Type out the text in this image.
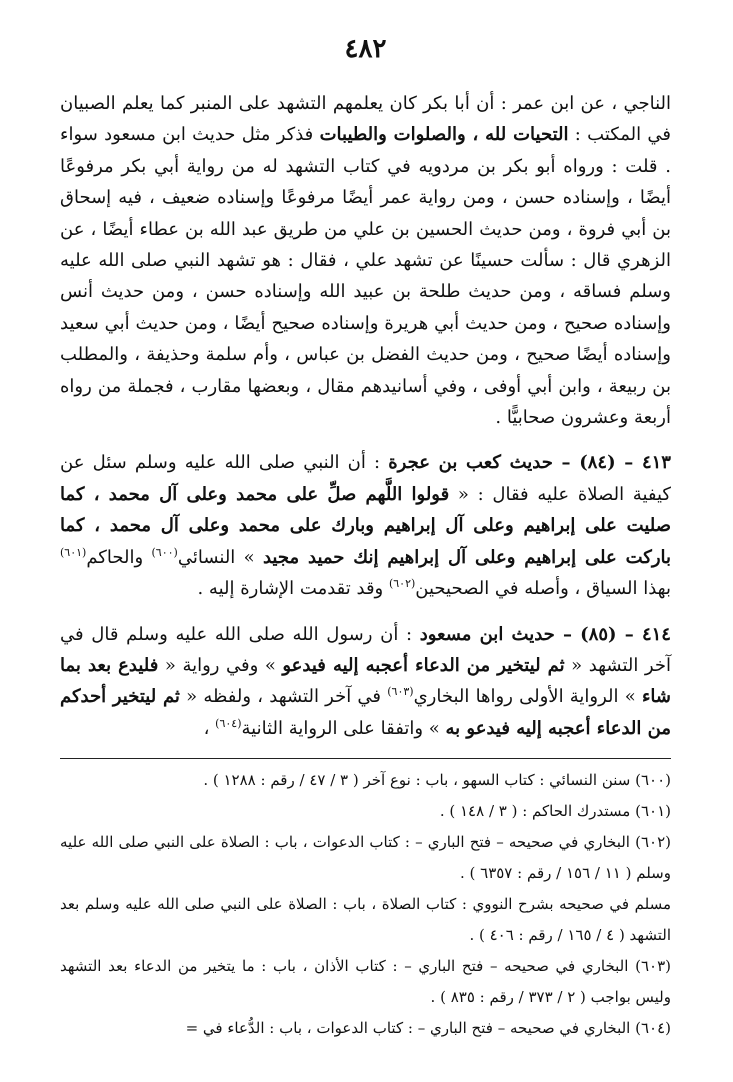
٤٨٢

الناجي ، عن ابن عمر : أن أبا بكر كان يعلمهم التشهد على المنبر كما يعلم الصبيان في المكتب : التحيات لله ، والصلوات والطيبات فذكر مثل حديث ابن مسعود سواء . قلت : ورواه أبو بكر بن مردويه في كتاب التشهد له من رواية أبي بكر مرفوعًا أيضًا ، وإسناده حسن ، ومن رواية عمر أيضًا مرفوعًا وإسناده ضعيف ، فيه إسحاق بن أبي فروة ، ومن حديث الحسين بن علي من طريق عبد الله بن عطاء أيضًا ، عن الزهري قال : سألت حسينًا عن تشهد علي ، فقال : هو تشهد النبي صلى الله عليه وسلم فساقه ، ومن حديث طلحة بن عبيد الله وإسناده حسن ، ومن حديث أنس وإسناده صحيح ، ومن حديث أبي هريرة وإسناده صحيح أيضًا ، ومن حديث أبي سعيد وإسناده أيضًا صحيح ، ومن حديث الفضل بن عباس ، وأم سلمة وحذيفة ، والمطلب بن ربيعة ، وابن أبي أوفى ، وفي أسانيدهم مقال ، وبعضها مقارب ، فجملة من رواه أربعة وعشرون صحابيًّا .

٤١٣ – (٨٤) – حديث كعب بن عجرة : أن النبي صلى الله عليه وسلم سئل عن كيفية الصلاة عليه فقال : « قولوا اللَّهم صلِّ على محمد وعلى آل محمد ، كما صليت على إبراهيم وعلى آل إبراهيم وبارك على محمد وعلى آل محمد ، كما باركت على إبراهيم وعلى آل إبراهيم إنك حميد مجيد » النسائي$^{(٦٠٠)}$ والحاكم$^{(٦٠١)}$ بهذا السياق ، وأصله في الصحيحين$^{(٦٠٢)}$ وقد تقدمت الإشارة إليه .

٤١٤ – (٨٥) – حديث ابن مسعود : أن رسول الله صلى الله عليه وسلم قال في آخر التشهد « ثم ليتخير من الدعاء أعجبه إليه فيدعو » وفي رواية « فليدع بعد بما شاء » الرواية الأولى رواها البخاري$^{(٦٠٣)}$ في آخر التشهد ، ولفظه « ثم ليتخير أحدكم من الدعاء أعجبه إليه فيدعو به » واتفقا على الرواية الثانية$^{(٦٠٤)}$ ،

(٦٠٠) سنن النسائي : كتاب السهو ، باب : نوع آخر ( ٣ / ٤٧ / رقم : ١٢٨٨ ) .

(٦٠١) مستدرك الحاكم : ( ٣ / ١٤٨ ) .

(٦٠٢) البخاري في صحيحه – فتح الباري – : كتاب الدعوات ، باب : الصلاة على النبي صلى الله عليه وسلم ( ١١ / ١٥٦ / رقم : ٦٣٥٧ ) .

مسلم في صحيحه بشرح النووي : كتاب الصلاة ، باب : الصلاة على النبي صلى الله عليه وسلم بعد التشهد ( ٤ / ١٦٥ / رقم : ٤٠٦ ) .

(٦٠٣) البخاري في صحيحه – فتح الباري – : كتاب الأذان ، باب : ما يتخير من الدعاء بعد التشهد وليس بواجب ( ٢ / ٣٧٣ / رقم : ٨٣٥ ) .

(٦٠٤) البخاري في صحيحه – فتح الباري – : كتاب الدعوات ، باب : الدُّعاء في =
